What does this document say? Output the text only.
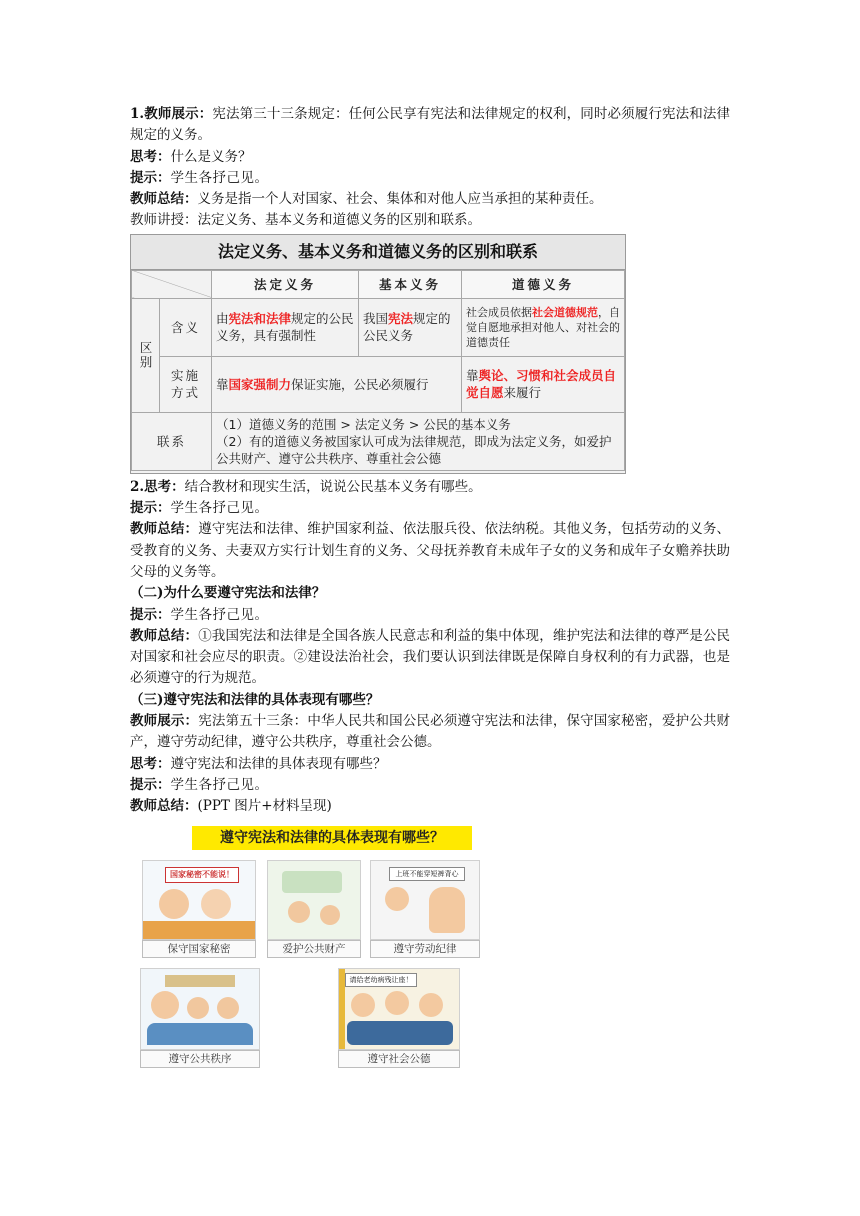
1.教师展示：宪法第三十三条规定：任何公民享有宪法和法律规定的权利，同时必须履行宪法和法律规定的义务。

思考：什么是义务？

提示：学生各抒己见。

教师总结：义务是指一个人对国家、社会、集体和对他人应当承担的某种责任。

教师讲授：法定义务、基本义务和道德义务的区别和联系。

法定义务、基本义务和道德义务的区别和联系
		法定义务	基本义务	道德义务
区别	含义	由宪法和法律规定的公民义务，具有强制性	我国宪法规定的公民义务	社会成员依据社会道德规范，自觉自愿地承担对他人、对社会的道德责任
	实施方式	靠国家强制力保证实施，公民必须履行		靠舆论、习惯和社会成员自觉自愿来履行
联系		（1）道德义务的范围 > 法定义务 > 公民的基本义务
（2）有的道德义务被国家认可成为法律规范，即成为法定义务，如爱护公共财产、遵守公共秩序、尊重社会公德		

2.思考：结合教材和现实生活，说说公民基本义务有哪些。

提示：学生各抒己见。

教师总结：遵守宪法和法律、维护国家利益、依法服兵役、依法纳税。其他义务，包括劳动的义务、受教育的义务、夫妻双方实行计划生育的义务、父母抚养教育未成年子女的义务和成年子女赡养扶助父母的义务等。

（二)为什么要遵守宪法和法律？

提示：学生各抒己见。

教师总结：①我国宪法和法律是全国各族人民意志和利益的集中体现，维护宪法和法律的尊严是公民对国家和社会应尽的职责。②建设法治社会，我们要认识到法律既是保障自身权利的有力武器，也是必须遵守的行为规范。

（三)遵守宪法和法律的具体表现有哪些？

教师展示：宪法第五十三条：中华人民共和国公民必须遵守宪法和法律，保守国家秘密，爱护公共财产，遵守劳动纪律，遵守公共秩序，尊重社会公德。

思考：遵守宪法和法律的具体表现有哪些？

提示：学生各抒己见。

教师总结：(PPT 图片+材料呈现)

遵守宪法和法律的具体表现有哪些？
国家秘密不能说！
保守国家秘密	爱护公共财产
上班不能穿短裤背心
遵守劳动纪律
遵守公共秩序
请给老幼病残让座！
遵守社会公德
